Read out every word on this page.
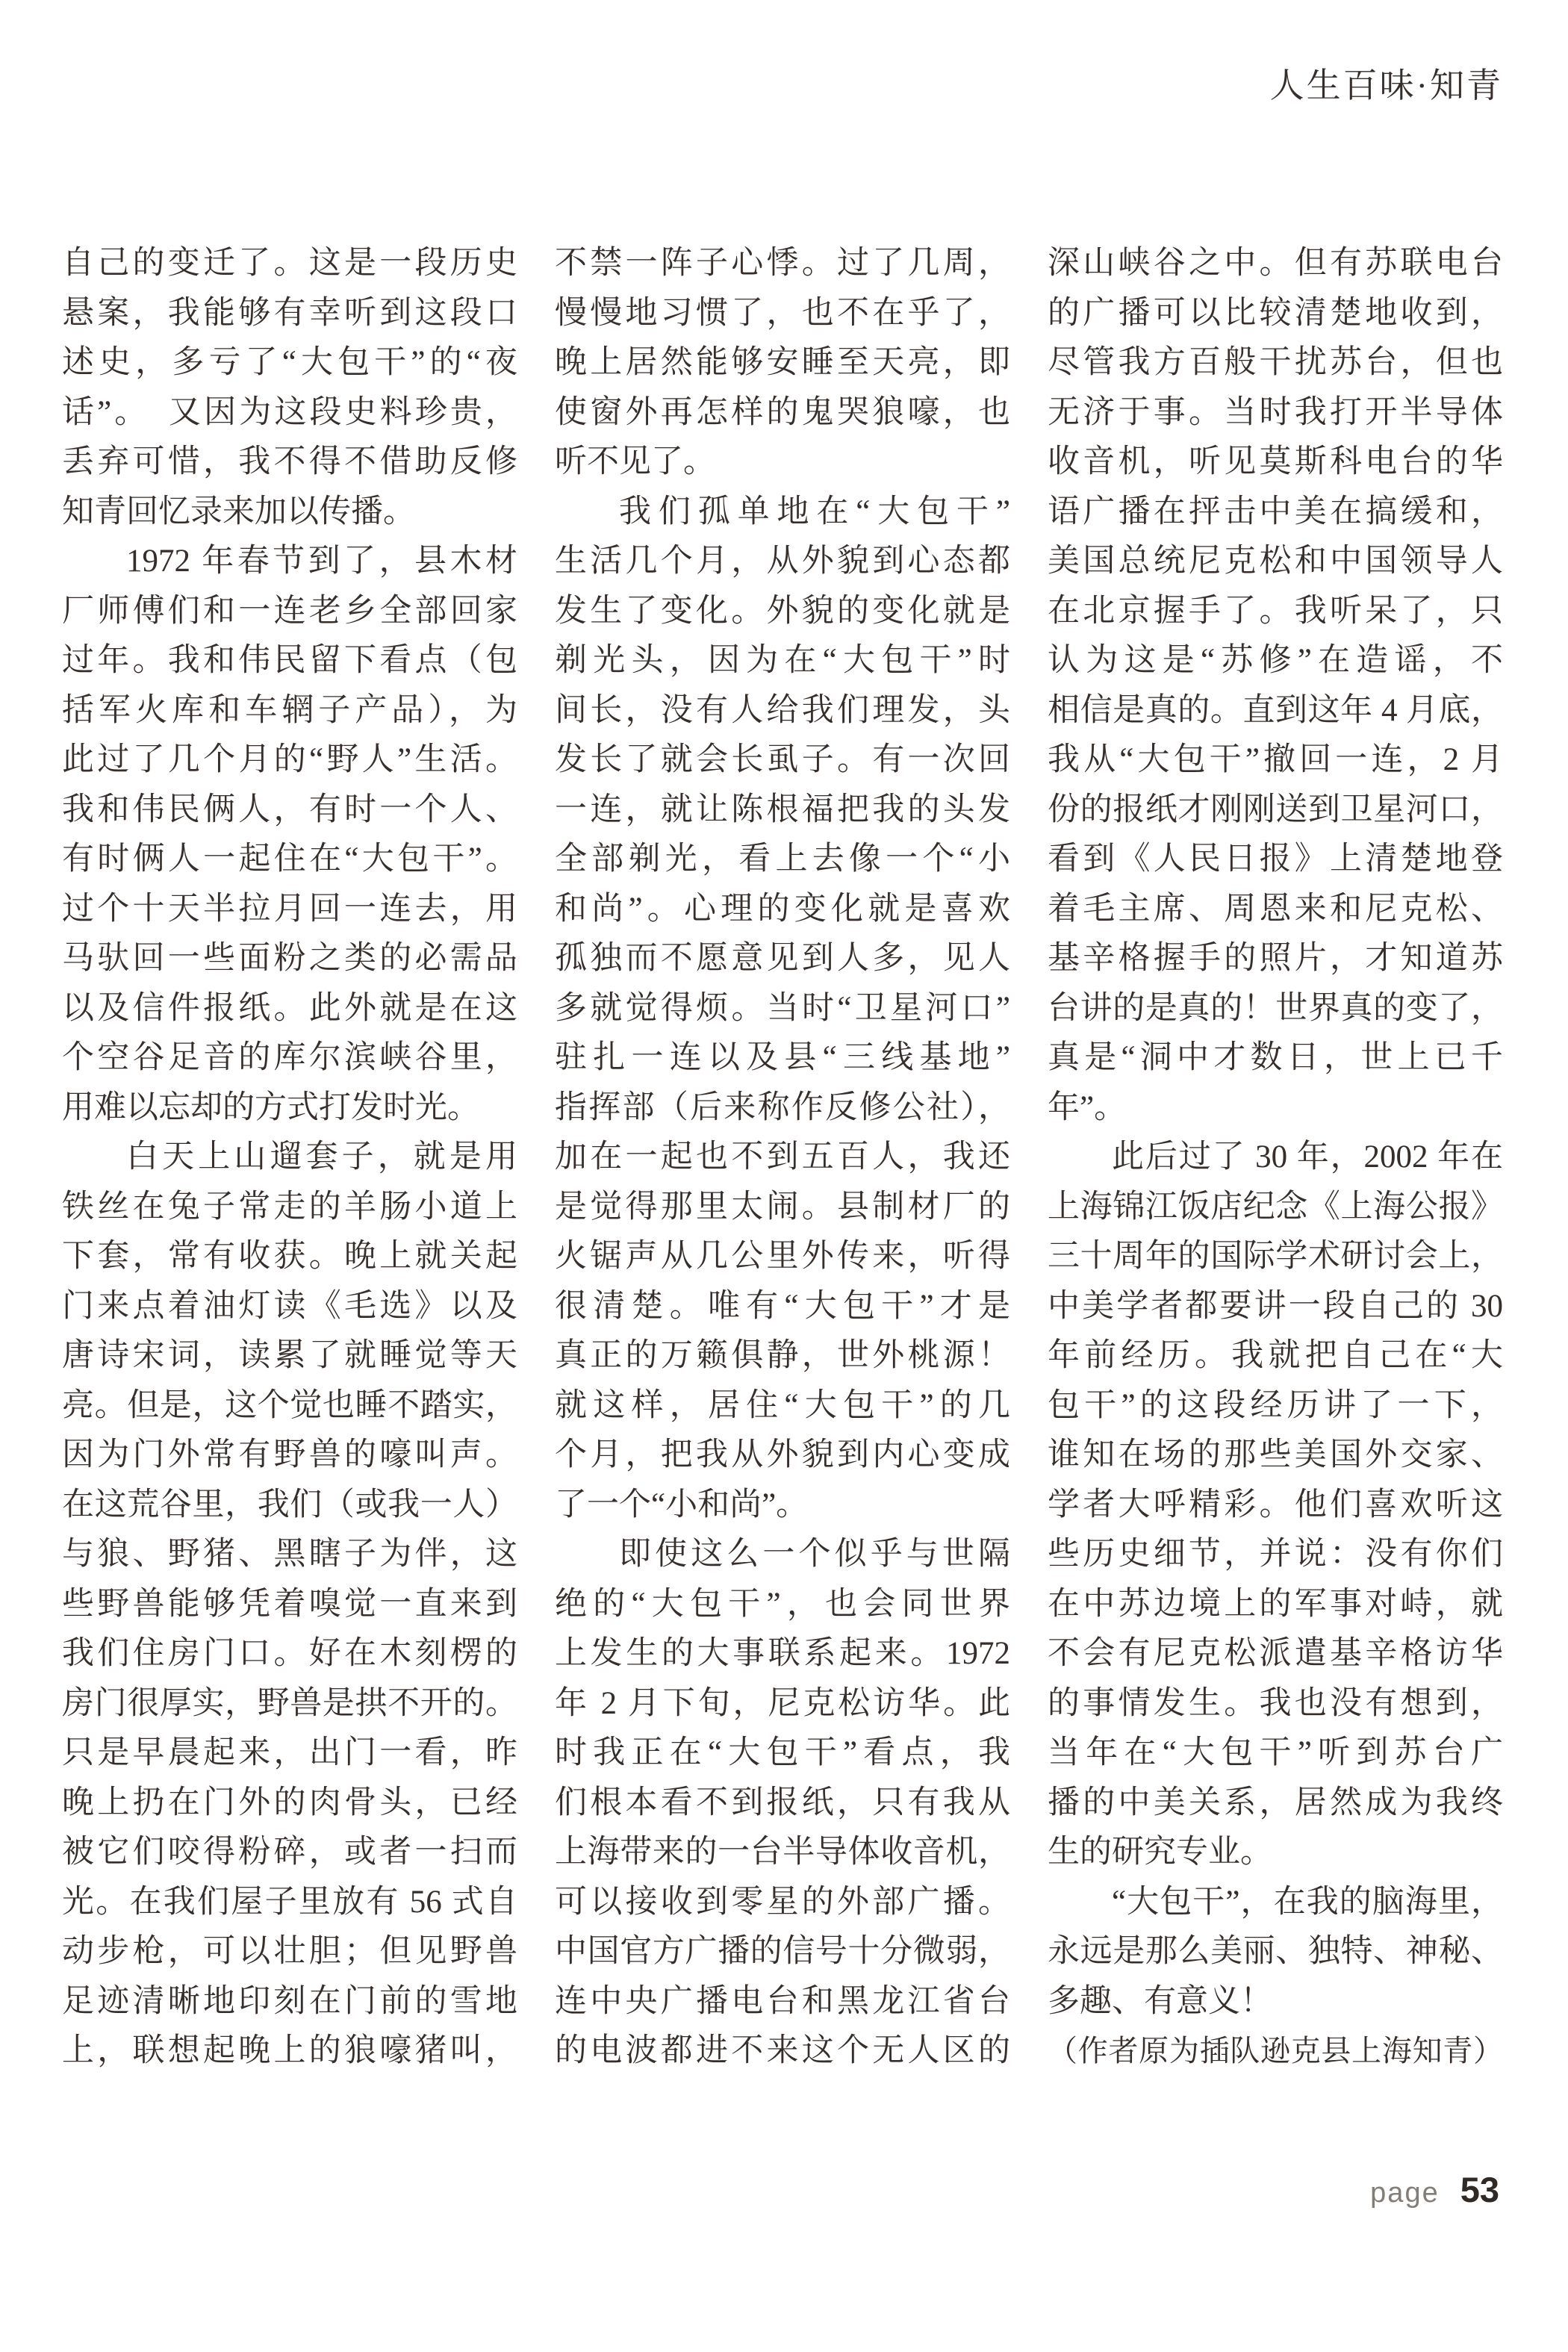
人生百味·知青
自己的变迁了。这是一段历史
悬案，我能够有幸听到这段口
述史，多亏了“大包干”的“夜
话”。　又因为这段史料珍贵，
丢弃可惜，我不得不借助反修
知青回忆录来加以传播。
1972 年春节到了，县木材
厂师傅们和一连老乡全部回家
过年。我和伟民留下看点（包
括军火库和车辋子产品），为
此过了几个月的“野人”生活。
我和伟民俩人，有时一个人、
有时俩人一起住在“大包干”。
过个十天半拉月回一连去，用
马驮回一些面粉之类的必需品
以及信件报纸。此外就是在这
个空谷足音的库尔滨峡谷里，
用难以忘却的方式打发时光。
白天上山遛套子，就是用
铁丝在兔子常走的羊肠小道上
下套，常有收获。晚上就关起
门来点着油灯读《毛选》以及
唐诗宋词，读累了就睡觉等天
亮。但是，这个觉也睡不踏实，
因为门外常有野兽的嚎叫声。
在这荒谷里，我们（或我一人）
与狼、野猪、黑瞎子为伴，这
些野兽能够凭着嗅觉一直来到
我们住房门口。好在木刻楞的
房门很厚实，野兽是拱不开的。
只是早晨起来，出门一看，昨
晚上扔在门外的肉骨头，已经
被它们咬得粉碎，或者一扫而
光。在我们屋子里放有 56 式自
动步枪，可以壮胆；但见野兽
足迹清晰地印刻在门前的雪地
上，联想起晚上的狼嚎猪叫，
不禁一阵子心悸。过了几周，
慢慢地习惯了，也不在乎了，
晚上居然能够安睡至天亮，即
使窗外再怎样的鬼哭狼嚎，也
听不见了。
我们孤单地在“大包干”
生活几个月，从外貌到心态都
发生了变化。外貌的变化就是
剃光头，因为在“大包干”时
间长，没有人给我们理发，头
发长了就会长虱子。有一次回
一连，就让陈根福把我的头发
全部剃光，看上去像一个“小
和尚”。心理的变化就是喜欢
孤独而不愿意见到人多，见人
多就觉得烦。当时“卫星河口”
驻扎一连以及县“三线基地”
指挥部（后来称作反修公社），
加在一起也不到五百人，我还
是觉得那里太闹。县制材厂的
火锯声从几公里外传来，听得
很清楚。唯有“大包干”才是
真正的万籁俱静，世外桃源！
就这样，居住“大包干”的几
个月，把我从外貌到内心变成
了一个“小和尚”。
即使这么一个似乎与世隔
绝的“大包干”，也会同世界
上发生的大事联系起来。1972
年 2 月下旬，尼克松访华。此
时我正在“大包干”看点，我
们根本看不到报纸，只有我从
上海带来的一台半导体收音机，
可以接收到零星的外部广播。
中国官方广播的信号十分微弱，
连中央广播电台和黑龙江省台
的电波都进不来这个无人区的
深山峡谷之中。但有苏联电台
的广播可以比较清楚地收到，
尽管我方百般干扰苏台，但也
无济于事。当时我打开半导体
收音机，听见莫斯科电台的华
语广播在抨击中美在搞缓和，
美国总统尼克松和中国领导人
在北京握手了。我听呆了，只
认为这是“苏修”在造谣，不
相信是真的。直到这年 4 月底，
我从“大包干”撤回一连，2 月
份的报纸才刚刚送到卫星河口，
看到《人民日报》上清楚地登
着毛主席、周恩来和尼克松、
基辛格握手的照片，才知道苏
台讲的是真的！世界真的变了，
真是“洞中才数日，世上已千
年”。
此后过了 30 年，2002 年在
上海锦江饭店纪念《上海公报》
三十周年的国际学术研讨会上，
中美学者都要讲一段自己的 30
年前经历。我就把自己在“大
包干”的这段经历讲了一下，
谁知在场的那些美国外交家、
学者大呼精彩。他们喜欢听这
些历史细节，并说：没有你们
在中苏边境上的军事对峙，就
不会有尼克松派遣基辛格访华
的事情发生。我也没有想到，
当年在“大包干”听到苏台广
播的中美关系，居然成为我终
生的研究专业。
“大包干”，在我的脑海里，
永远是那么美丽、独特、神秘、
多趣、有意义！
（作者原为插队逊克县上海知青）
page 53
